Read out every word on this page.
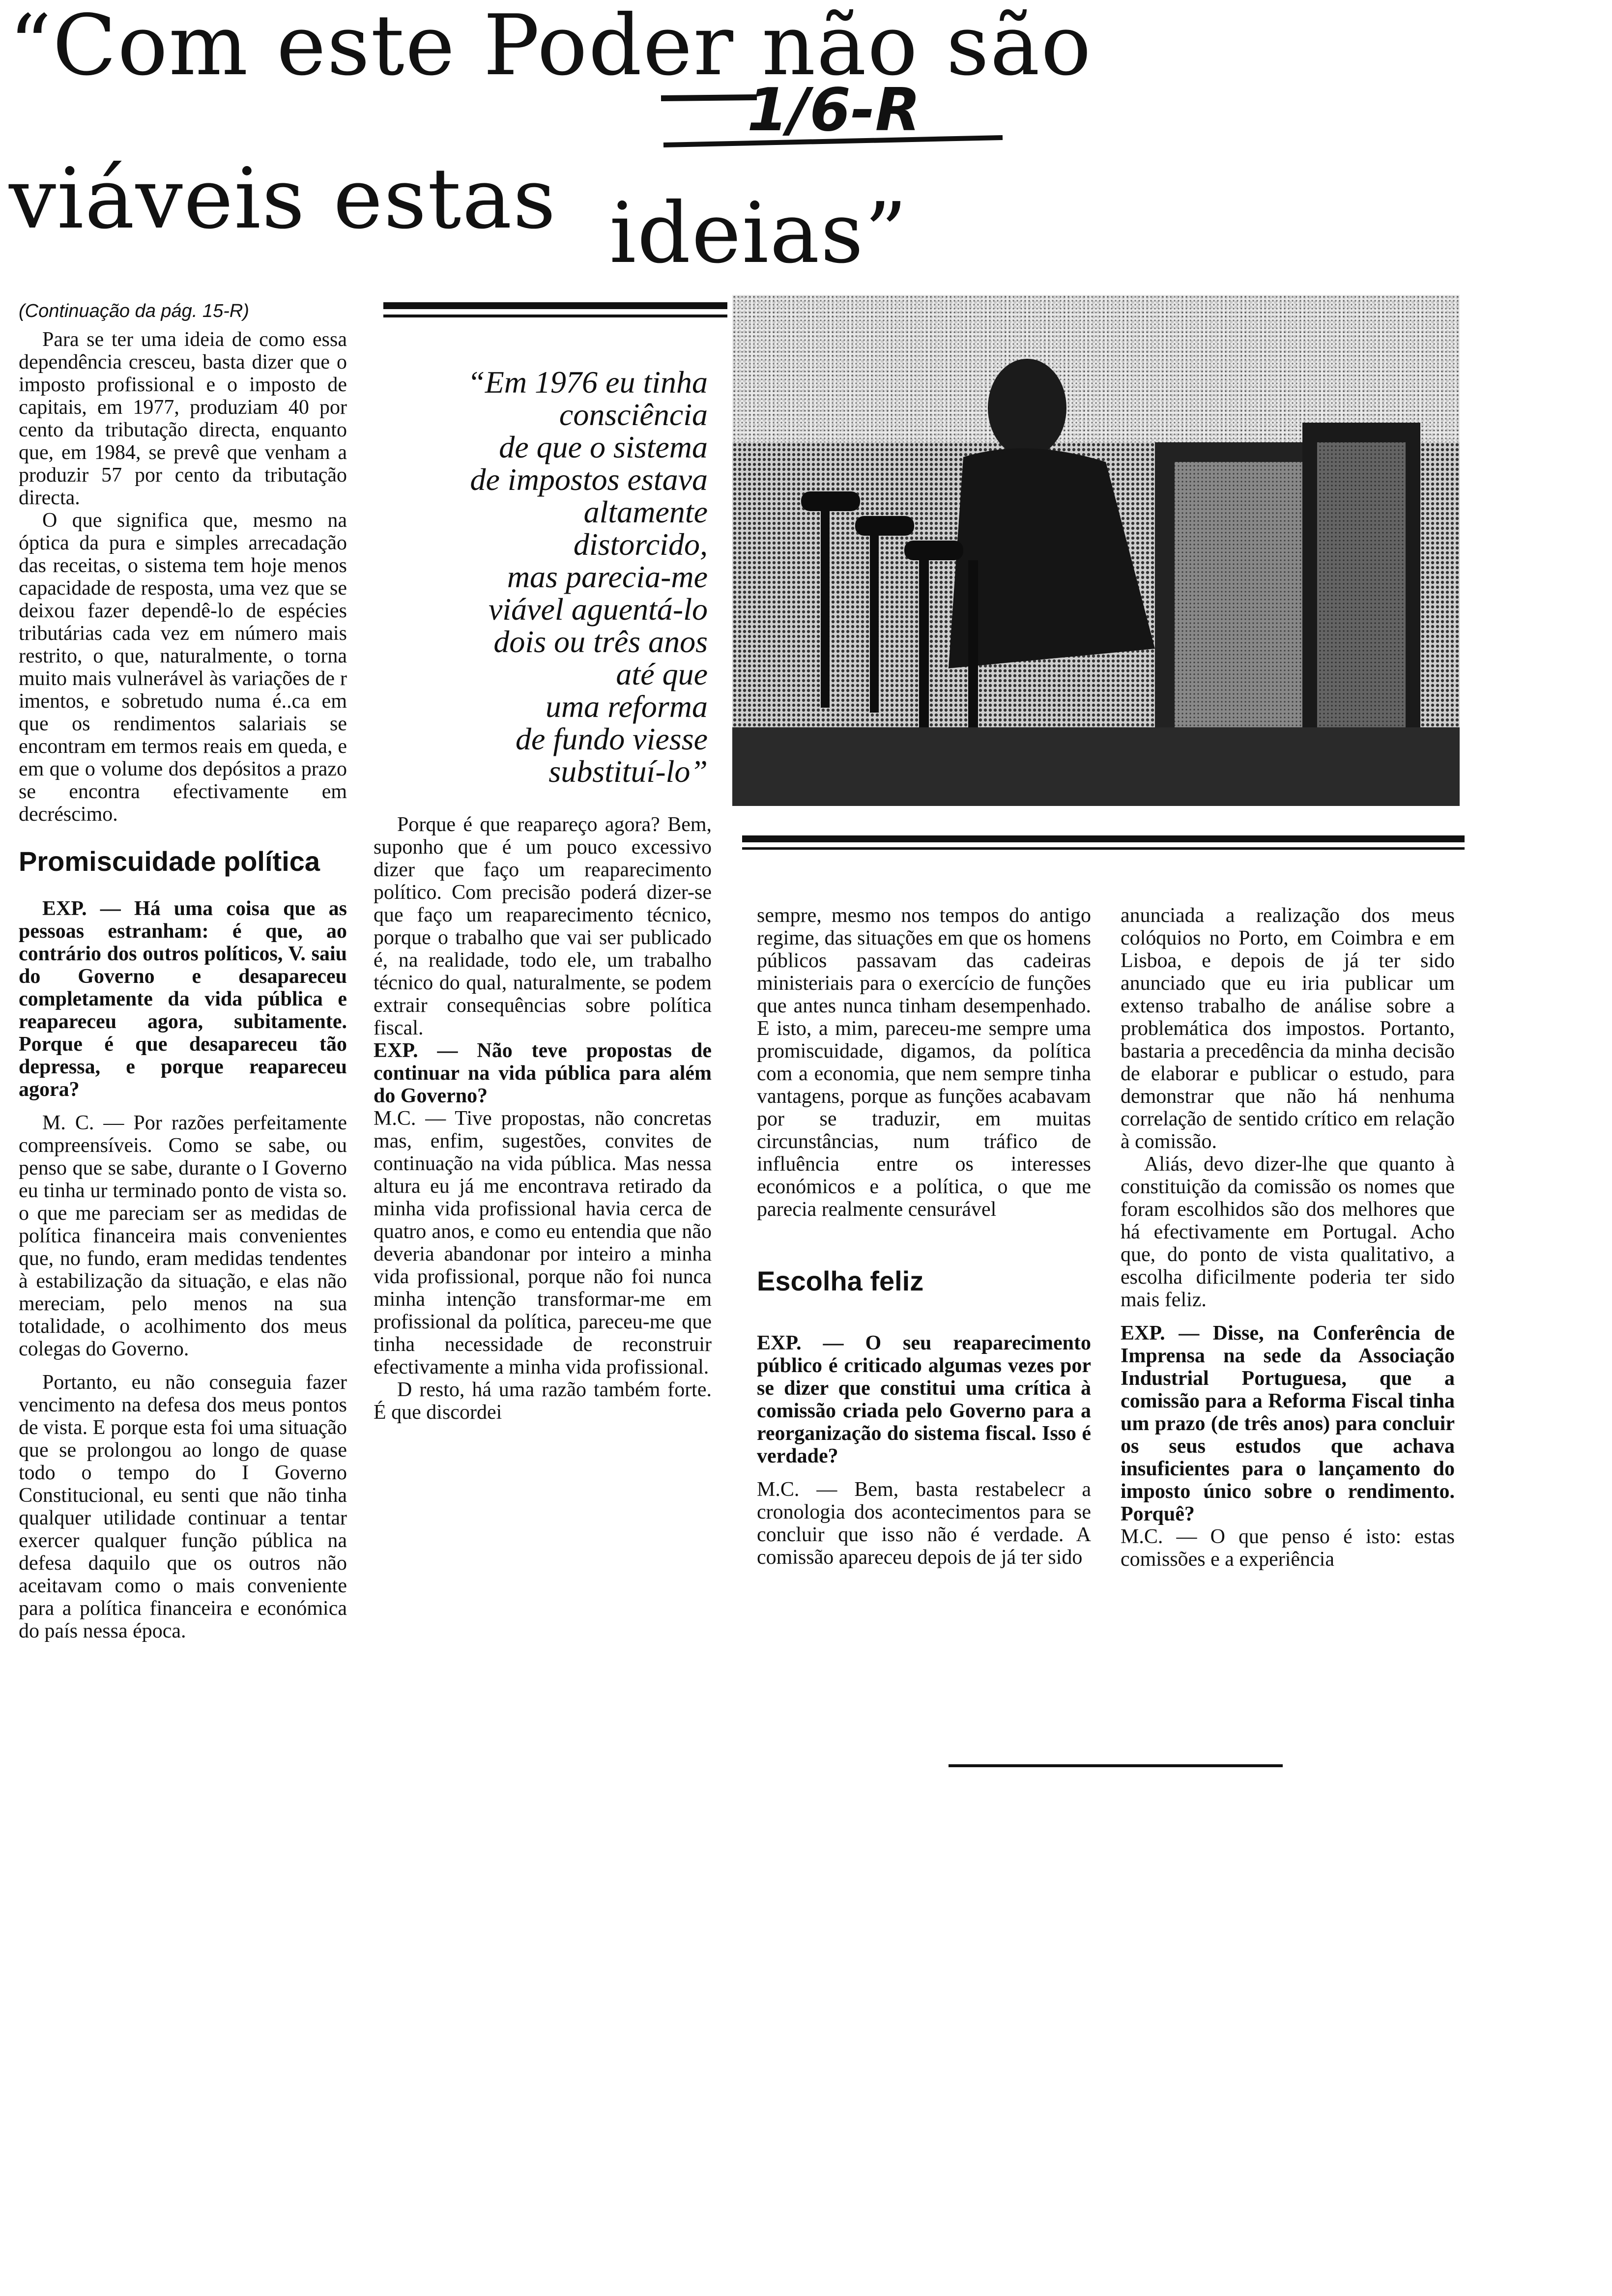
“Com este Poder não são
viáveis estas ideias”
1/6-R
(Continuação da pág. 15-R)
“Em 1976 eu tinha
consciência
de que o sistema
de impostos estava
altamente
distorcido,
mas parecia-me
viável aguentá-lo
dois ou três anos
até que
uma reforma
de fundo viesse
substituí-lo”

Para se ter uma ideia de como essa dependência cresceu, basta dizer que o imposto profissional e o imposto de capitais, em 1977, produziam 40 por cento da tributação directa, enquanto que, em 1984, se prevê que venham a produzir 57 por cento da tributação directa.

O que significa que, mesmo na óptica da pura e simples arrecadação das receitas, o sistema tem hoje menos capacidade de resposta, uma vez que se deixou fazer dependê-lo de espécies tributárias cada vez em número mais restrito, o que, naturalmente, o torna muito mais vulnerável às variações de r imentos, e sobretudo numa é..ca em que os rendimentos salariais se encontram em termos reais em queda, e em que o volume dos depósitos a prazo se encontra efectivamente em decréscimo.

Promiscuidade política

EXP. — Há uma coisa que as pessoas estranham: é que, ao contrário dos outros políticos, V. saiu do Governo e desapareceu completamente da vida pública e reapareceu agora, subitamente. Porque é que desapareceu tão depressa, e porque reapareceu agora?

M. C. — Por razões perfeitamente compreensíveis. Como se sabe, ou penso que se sabe, durante o I Governo eu tinha ur terminado ponto de vista so. o que me pareciam ser as medidas de política financeira mais convenientes que, no fundo, eram medidas tendentes à estabilização da situação, e elas não mereciam, pelo menos na sua totalidade, o acolhimento dos meus colegas do Governo.

Portanto, eu não conseguia fazer vencimento na defesa dos meus pontos de vista. E porque esta foi uma situação que se prolongou ao longo de quase todo o tempo do I Governo Constitucional, eu senti que não tinha qualquer utilidade continuar a tentar exercer qualquer função pública na defesa daquilo que os outros não aceitavam como o mais conveniente para a política financeira e económica do país nessa época.

Porque é que reapareço agora? Bem, suponho que é um pouco excessivo dizer que faço um reaparecimento político. Com precisão poderá dizer-se que faço um reaparecimento técnico, porque o trabalho que vai ser publicado é, na realidade, todo ele, um trabalho técnico do qual, naturalmente, se podem extrair consequências sobre política fiscal.

EXP. — Não teve propostas de continuar na vida pública para além do Governo?

M.C. — Tive propostas, não concretas mas, enfim, sugestões, convites de continuação na vida pública. Mas nessa altura eu já me encontrava retirado da minha vida profissional havia cerca de quatro anos, e como eu entendia que não deveria abandonar por inteiro a minha vida profissional, porque não foi nunca minha intenção transformar-me em profissional da política, pareceu-me que tinha necessidade de reconstruir efectivamente a minha vida profissional.

D resto, há uma razão também forte. É que discordei

sempre, mesmo nos tempos do antigo regime, das situações em que os homens públicos passavam das cadeiras ministeriais para o exercício de funções que antes nunca tinham desempenhado. E isto, a mim, pareceu-me sempre uma promiscuidade, digamos, da política com a economia, que nem sempre tinha vantagens, porque as funções acabavam por se traduzir, em muitas circunstâncias, num tráfico de influência entre os interesses económicos e a política, o que me parecia realmente censurável

Escolha feliz

EXP. — O seu reaparecimento público é criticado algumas vezes por se dizer que constitui uma crítica à comissão criada pelo Governo para a reorganização do sistema fiscal. Isso é verdade?

M.C. — Bem, basta restabelecr a cronologia dos acontecimentos para se concluir que isso não é verdade. A comissão apareceu depois de já ter sido

anunciada a realização dos meus colóquios no Porto, em Coimbra e em Lisboa, e depois de já ter sido anunciado que eu iria publicar um extenso trabalho de análise sobre a problemática dos impostos. Portanto, bastaria a precedência da minha decisão de elaborar e publicar o estudo, para demonstrar que não há nenhuma correlação de sentido crítico em relação à comissão.

Aliás, devo dizer-lhe que quanto à constituição da comissão os nomes que foram escolhidos são dos melhores que há efectivamente em Portugal. Acho que, do ponto de vista qualitativo, a escolha dificilmente poderia ter sido mais feliz.

EXP. — Disse, na Conferência de Imprensa na sede da Associação Industrial Portuguesa, que a comissão para a Reforma Fiscal tinha um prazo (de três anos) para concluir os seus estudos que achava insuficientes para o lançamento do imposto único sobre o rendimento. Porquê?

M.C. — O que penso é isto: estas comissões e a experiência
